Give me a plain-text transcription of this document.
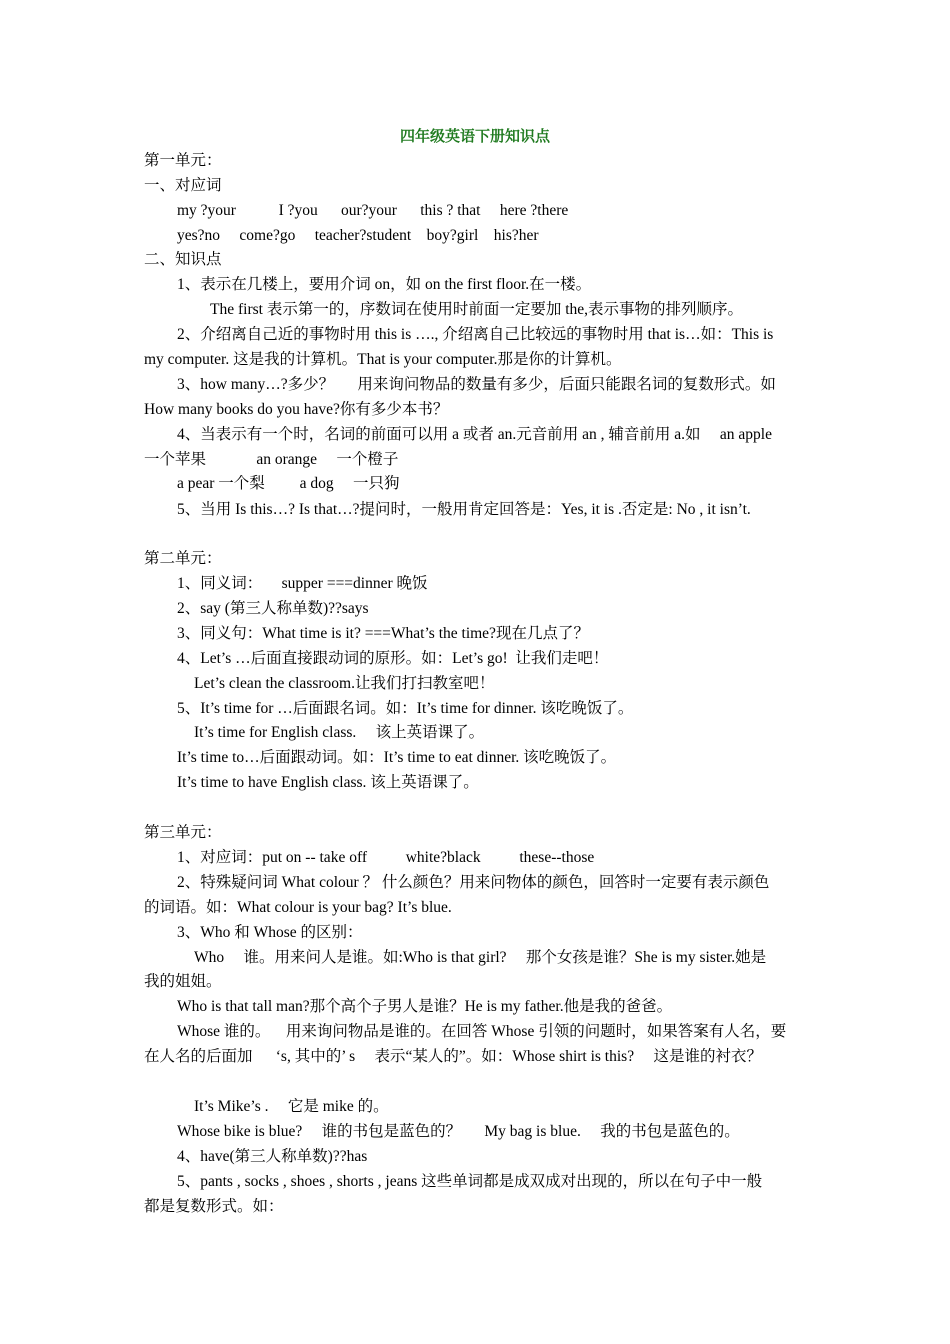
四年级英语下册知识点
第一单元：
一、对应词
my ?your           I ?you      our?your      this ? that     here ?there
yes?no     come?go     teacher?student    boy?girl    his?her
二、知识点
1、表示在几楼上，要用介词 on，如 on the first floor.在一楼。
The first 表示第一的，序数词在使用时前面一定要加 the,表示事物的排列顺序。
2、介绍离自己近的事物时用 this is …., 介绍离自己比较远的事物时用 that is…如：This is
my computer. 这是我的计算机。That is your computer.那是你的计算机。
3、how many…?多少？      用来询问物品的数量有多少，后面只能跟名词的复数形式。如
How many books do you have?你有多少本书？
4、当表示有一个时，名词的前面可以用 a 或者 an.元音前用 an , 辅音前用 a.如     an apple
一个苹果             an orange     一个橙子
a pear 一个梨         a dog     一只狗
5、当用 Is this…? Is that…?提问时，一般用肯定回答是：Yes, it is .否定是: No , it isn’t.
第二单元：
1、同义词：     supper ===dinner 晚饭
2、say (第三人称单数)??says
3、同义句：What time is it? ===What’s the time?现在几点了？
4、Let’s …后面直接跟动词的原形。如：Let’s go!  让我们走吧！
Let’s clean the classroom.让我们打扫教室吧！
5、It’s time for …后面跟名词。如：It’s time for dinner. 该吃晚饭了。
It’s time for English class.     该上英语课了。
It’s time to…后面跟动词。如：It’s time to eat dinner. 该吃晚饭了。
It’s time to have English class. 该上英语课了。
第三单元：
1、对应词：put on -- take off          white?black          these--those
2、特殊疑问词 What colour ？ 什么颜色？用来问物体的颜色，回答时一定要有表示颜色
的词语。如：What colour is your bag? It’s blue.
3、Who 和 Whose 的区别：
Who     谁。用来问人是谁。如:Who is that girl?     那个女孩是谁？She is my sister.她是
我的姐姐。
Who is that tall man?那个高个子男人是谁？He is my father.他是我的爸爸。
Whose 谁的。    用来询问物品是谁的。在回答 Whose 引领的问题时，如果答案有人名，要
在人名的后面加      ‘s, 其中的’ s     表示“某人的”。如：Whose shirt is this?     这是谁的衬衣？
It’s Mike’s .     它是 mike 的。
Whose bike is blue?     谁的书包是蓝色的？      My bag is blue.     我的书包是蓝色的。
4、have(第三人称单数)??has
5、pants , socks , shoes , shorts , jeans 这些单词都是成双成对出现的，所以在句子中一般
都是复数形式。如：
